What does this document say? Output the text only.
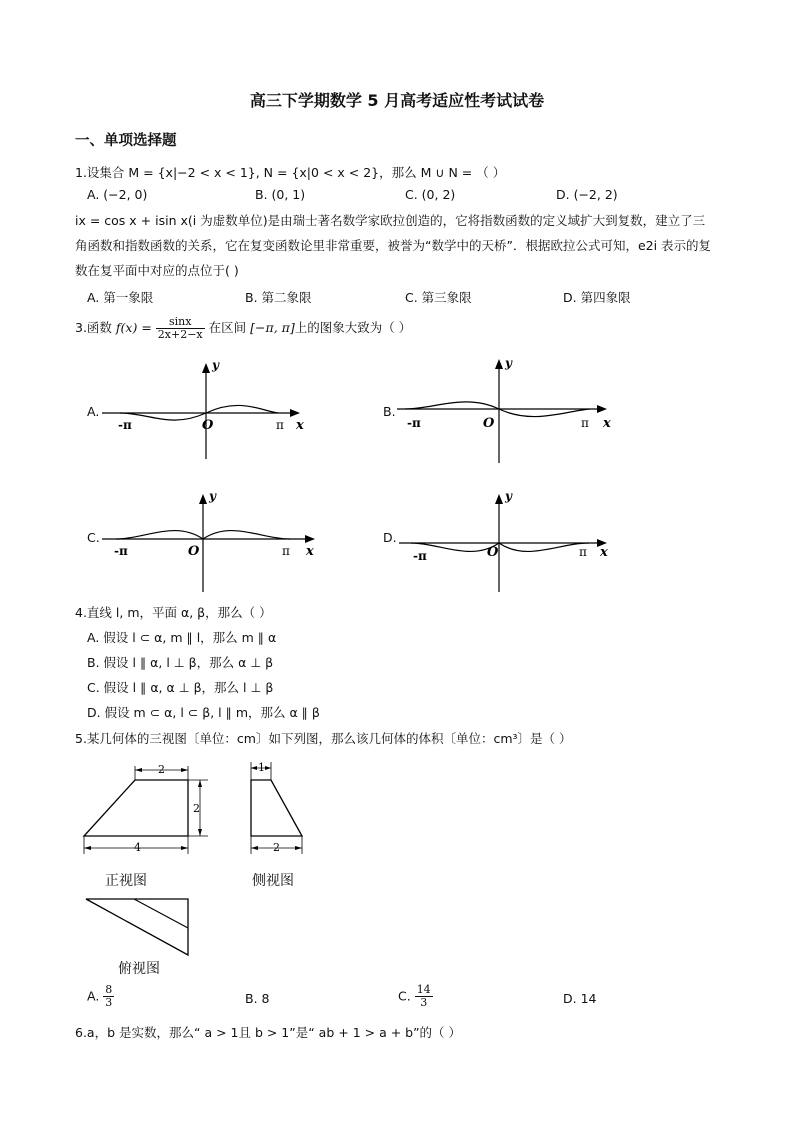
高三下学期数学 5 月高考适应性考试试卷
一、单项选择题
1.设集合 M = {x|−2 < x < 1}, N = {x|0 < x < 2}，那么 M ∪ N = （ ）
A. (−2, 0)	B. (0, 1)	C. (0, 2)	D. (−2, 2)
ix = cos x + isin x(i 为虚数单位)是由瑞士著名数学家欧拉创造的，它将指数函数的定义域扩大到复数，建立了三角函数和指数函数的关系，它在复变函数论里非常重要，被誉为“数学中的天桥”．根据欧拉公式可知，e2i 表示的复数在复平面中对应的点位于( )
A. 第一象限	B. 第二象限	C. 第三象限	D. 第四象限
3.函数 $f(x) = \frac{\sin x}{2x+2-x}$ 在区间 [−π, π]上的图象大致为（ ）
A.
y
-π	O	π x
B.
y
-π	O	π x
C.
y
-π	O	π x
D.
y
-π	O	π x
4.直线 l, m，平面 α, β，那么（ ）
A. 假设 l ⊂ α, m ∥ l，那么 m ∥ α
B. 假设 l ∥ α, l ⊥ β，那么 α ⊥ β
C. 假设 l ∥ α, α ⊥ β，那么 l ⊥ β
D. 假设 m ⊂ α, l ⊂ β, l ∥ m，那么 α ∥ β
5.某几何体的三视图〔单位：cm〕如下列图，那么该几何体的体积〔单位：cm³〕是（ ）
2
2
4
正视图
1
2
侧视图
俯视图
A. $\frac{8}{3}$	B. 8	C. $\frac{14}{3}$	D. 14
6.a，b 是实数，那么“ a > 1且 b > 1”是“ ab + 1 > a + b”的（ ）
